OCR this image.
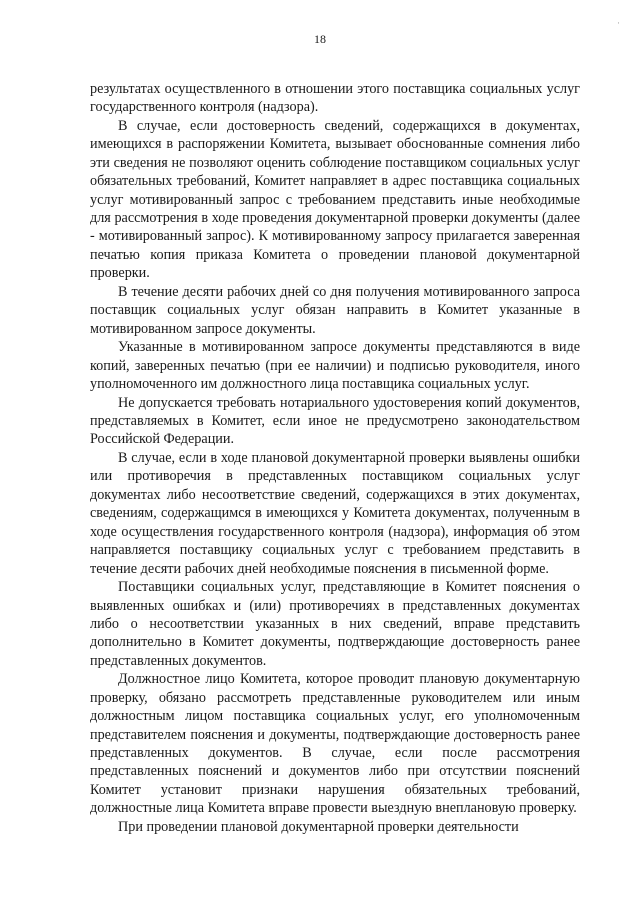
·
18

результатах осуществленного в отношении этого поставщика социальных услуг государственного контроля (надзора).

В случае, если достоверность сведений, содержащихся в документах, имеющихся в распоряжении Комитета, вызывает обоснованные сомнения либо эти сведения не позволяют оценить соблюдение поставщиком социальных услуг обязательных требований, Комитет направляет в адрес поставщика социальных услуг мотивированный запрос с требованием представить иные необходимые для рассмотрения в ходе проведения документарной проверки документы (далее - мотивированный запрос). К мотивированному запросу прилагается заверенная печатью копия приказа Комитета о проведении плановой документарной проверки.

В течение десяти рабочих дней со дня получения мотивированного запроса поставщик социальных услуг обязан направить в Комитет указанные в мотивированном запросе документы.

Указанные в мотивированном запросе документы представляются в виде копий, заверенных печатью (при ее наличии) и подписью руководителя, иного уполномоченного им должностного лица поставщика социальных услуг.

Не допускается требовать нотариального удостоверения копий документов, представляемых в Комитет, если иное не предусмотрено законодательством Российской Федерации.

В случае, если в ходе плановой документарной проверки выявлены ошибки или противоречия в представленных поставщиком социальных услуг документах либо несоответствие сведений, содержащихся в этих документах, сведениям, содержащимся в имеющихся у Комитета документах, полученным в ходе осуществления государственного контроля (надзора), информация об этом направляется поставщику социальных услуг с требованием представить в течение десяти рабочих дней необходимые пояснения в письменной форме.

Поставщики социальных услуг, представляющие в Комитет пояснения о выявленных ошибках и (или) противоречиях в представленных документах либо о несоответствии указанных в них сведений, вправе представить дополнительно в Комитет документы, подтверждающие достоверность ранее представленных документов.

Должностное лицо Комитета, которое проводит плановую документарную проверку, обязано рассмотреть представленные руководителем или иным должностным лицом поставщика социальных услуг, его уполномоченным представителем пояснения и документы, подтверждающие достоверность ранее представленных документов. В случае, если после рассмотрения представленных пояснений и документов либо при отсутствии пояснений Комитет установит признаки нарушения обязательных требований, должностные лица Комитета вправе провести выездную внеплановую проверку.

При проведении плановой документарной проверки деятельности
